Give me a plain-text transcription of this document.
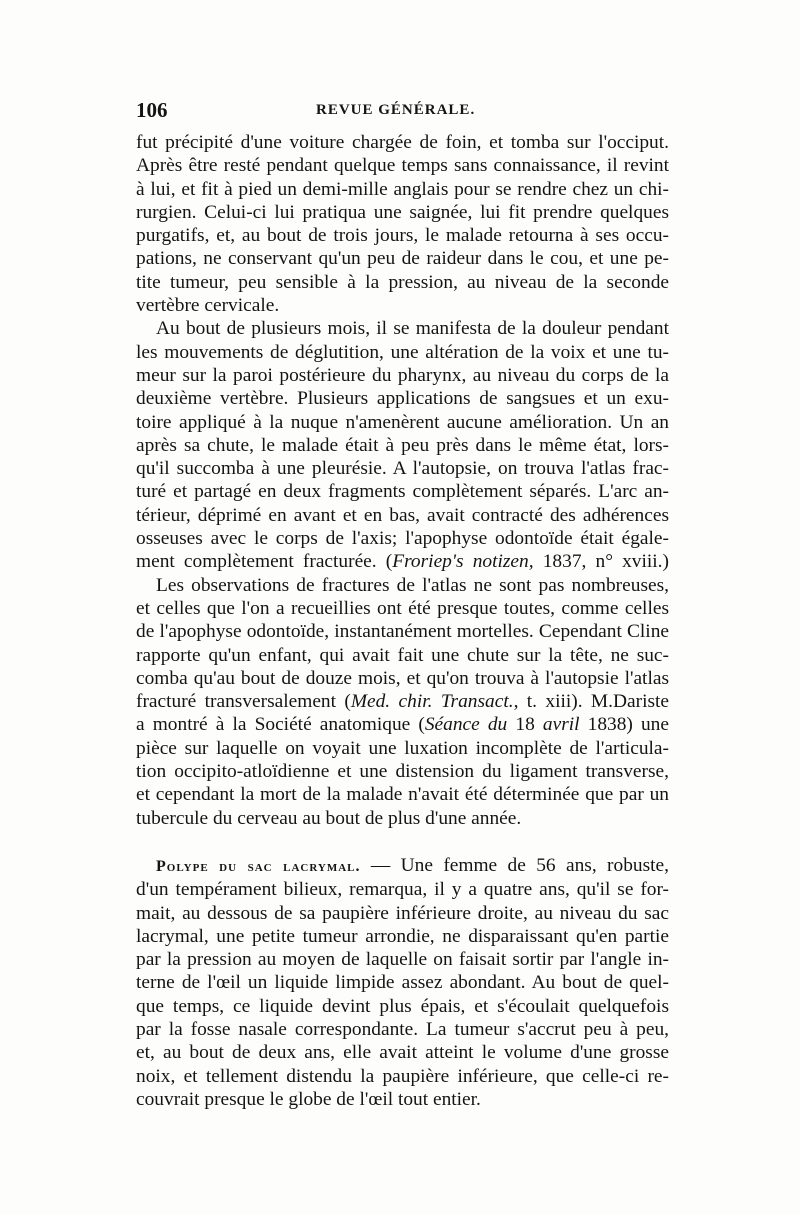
106	REVUE GÉNÉRALE.

fut précipité d'une voiture chargée de foin, et tomba sur l'occiput.

Après être resté pendant quelque temps sans connaissance, il revint

à lui, et fit à pied un demi-mille anglais pour se rendre chez un chi-

rurgien. Celui-ci lui pratiqua une saignée, lui fit prendre quelques

purgatifs, et, au bout de trois jours, le malade retourna à ses occu-

pations, ne conservant qu'un peu de raideur dans le cou, et une pe-

tite tumeur, peu sensible à la pression, au niveau de la seconde

vertèbre cervicale.

Au bout de plusieurs mois, il se manifesta de la douleur pendant

les mouvements de déglutition, une altération de la voix et une tu-

meur sur la paroi postérieure du pharynx, au niveau du corps de la

deuxième vertèbre. Plusieurs applications de sangsues et un exu-

toire appliqué à la nuque n'amenèrent aucune amélioration. Un an

après sa chute, le malade était à peu près dans le même état, lors-

qu'il succomba à une pleurésie. A l'autopsie, on trouva l'atlas frac-

turé et partagé en deux fragments complètement séparés. L'arc an-

térieur, déprimé en avant et en bas, avait contracté des adhérences

osseuses avec le corps de l'axis; l'apophyse odontoïde était égale-

ment complètement fracturée. (Froriep's notizen, 1837, n° xviii.)

Les observations de fractures de l'atlas ne sont pas nombreuses,

et celles que l'on a recueillies ont été presque toutes, comme celles

de l'apophyse odontoïde, instantanément mortelles. Cependant Cline

rapporte qu'un enfant, qui avait fait une chute sur la tête, ne suc-

comba qu'au bout de douze mois, et qu'on trouva à l'autopsie l'atlas

fracturé transversalement (Med. chir. Transact., t. xiii). M.Dariste

a montré à la Société anatomique (Séance du 18 avril 1838) une

pièce sur laquelle on voyait une luxation incomplète de l'articula-

tion occipito-atloïdienne et une distension du ligament transverse,

et cependant la mort de la malade n'avait été déterminée que par un

tubercule du cerveau au bout de plus d'une année.

Polype du sac lacrymal. — Une femme de 56 ans, robuste,

d'un tempérament bilieux, remarqua, il y a quatre ans, qu'il se for-

mait, au dessous de sa paupière inférieure droite, au niveau du sac

lacrymal, une petite tumeur arrondie, ne disparaissant qu'en partie

par la pression au moyen de laquelle on faisait sortir par l'angle in-

terne de l'œil un liquide limpide assez abondant. Au bout de quel-

que temps, ce liquide devint plus épais, et s'écoulait quelquefois

par la fosse nasale correspondante. La tumeur s'accrut peu à peu,

et, au bout de deux ans, elle avait atteint le volume d'une grosse

noix, et tellement distendu la paupière inférieure, que celle-ci re-

couvrait presque le globe de l'œil tout entier.
